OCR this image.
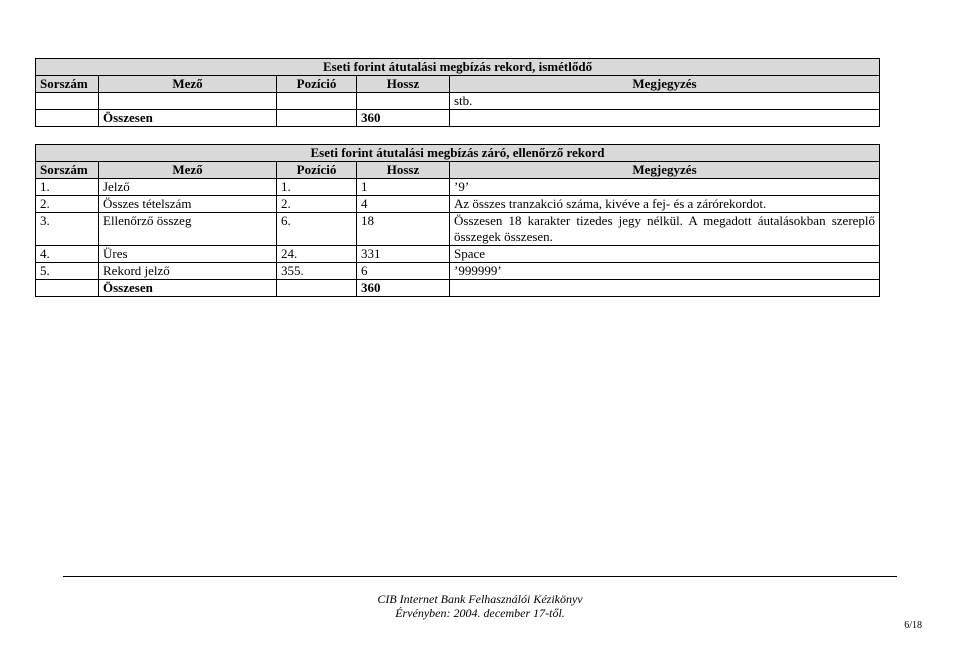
Eseti forint átutalási megbízás rekord, ismétlődő				
Sorszám	Mező	Pozíció	Hossz	Megjegyzés
				stb.
	Összesen		360	
Eseti forint átutalási megbízás záró, ellenőrző rekord				
Sorszám	Mező	Pozíció	Hossz	Megjegyzés
1.	Jelző	1.	1	’9’
2.	Összes tételszám	2.	4	Az összes tranzakció száma, kivéve a fej- és a zárórekordot.
3.	Ellenőrző összeg	6.	18	Összesen 18 karakter tizedes jegy nélkül. A megadott áutalásokban szereplő összegek összesen.
4.	Üres	24.	331	Space
5.	Rekord jelző	355.	6	’999999’
	Összesen		360	
CIB Internet Bank Felhasználói Kézikönyv
Érvényben: 2004. december 17-től.
6/18
